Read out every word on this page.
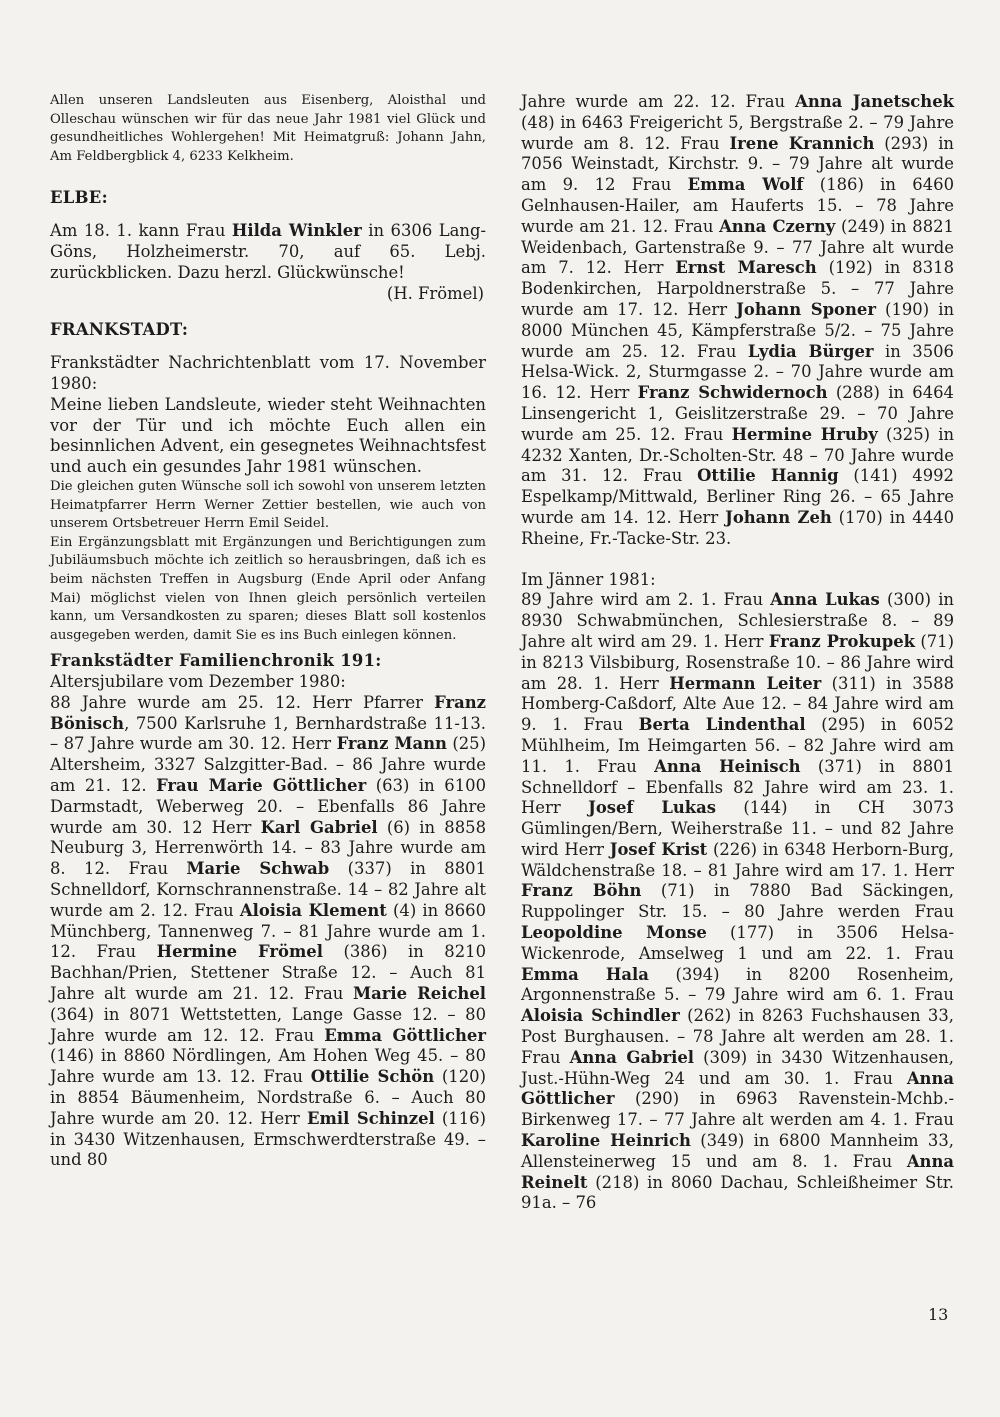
Allen unseren Landsleuten aus Eisenberg, Aloisthal und Olleschau wünschen wir für das neue Jahr 1981 viel Glück und gesundheitliches Wohlergehen! Mit Heimatgruß: Johann Jahn, Am Feldbergblick 4, 6233 Kelkheim.

ELBE:

Am 18. 1. kann Frau Hilda Winkler in 6306 Lang-Göns, Holzheimerstr. 70, auf 65. Lebj. zurückblicken. Dazu herzl. Glückwünsche!

(H. Frömel)

FRANKSTADT:

Frankstädter Nachrichtenblatt vom 17. November 1980:

Meine lieben Landsleute, wieder steht Weihnachten vor der Tür und ich möchte Euch allen ein besinnlichen Advent, ein gesegnetes Weihnachtsfest und auch ein gesundes Jahr 1981 wünschen.

Die gleichen guten Wünsche soll ich sowohl von unserem letzten Heimatpfarrer Herrn Werner Zettier bestellen, wie auch von unserem Ortsbetreuer Herrn Emil Seidel.

Ein Ergänzungsblatt mit Ergänzungen und Berichtigungen zum Jubiläumsbuch möchte ich zeitlich so herausbringen, daß ich es beim nächsten Treffen in Augsburg (Ende April oder Anfang Mai) möglichst vielen von Ihnen gleich persönlich verteilen kann, um Versandkosten zu sparen; dieses Blatt soll kostenlos ausgegeben werden, damit Sie es ins Buch einlegen können.

Frankstädter Familienchronik 191:

Altersjubilare vom Dezember 1980:

88 Jahre wurde am 25. 12. Herr Pfarrer Franz Bönisch, 7500 Karlsruhe 1, Bernhardstraße 11-13. – 87 Jahre wurde am 30. 12. Herr Franz Mann (25) Altersheim, 3327 Salzgitter-Bad. – 86 Jahre wurde am 21. 12. Frau Marie Göttlicher (63) in 6100 Darmstadt, Weberweg 20. – Ebenfalls 86 Jahre wurde am 30. 12 Herr Karl Gabriel (6) in 8858 Neuburg 3, Herrenwörth 14. – 83 Jahre wurde am 8. 12. Frau Marie Schwab (337) in 8801 Schnelldorf, Kornschrannenstraße. 14 – 82 Jahre alt wurde am 2. 12. Frau Aloisia Klement (4) in 8660 Münchberg, Tannenweg 7. – 81 Jahre wurde am 1. 12. Frau Hermine Frömel (386) in 8210 Bachhan/Prien, Stettener Straße 12. – Auch 81 Jahre alt wurde am 21. 12. Frau Marie Reichel (364) in 8071 Wettstetten, Lange Gasse 12. – 80 Jahre wurde am 12. 12. Frau Emma Göttlicher (146) in 8860 Nördlingen, Am Hohen Weg 45. – 80 Jahre wurde am 13. 12. Frau Ottilie Schön (120) in 8854 Bäumenheim, Nordstraße 6. – Auch 80 Jahre wurde am 20. 12. Herr Emil Schinzel (116) in 3430 Witzenhausen, Ermschwerdterstraße 49. – und 80

Jahre wurde am 22. 12. Frau Anna Janetschek (48) in 6463 Freigericht 5, Bergstraße 2. – 79 Jahre wurde am 8. 12. Frau Irene Krannich (293) in 7056 Weinstadt, Kirchstr. 9. – 79 Jahre alt wurde am 9. 12 Frau Emma Wolf (186) in 6460 Gelnhausen-Hailer, am Hauferts 15. – 78 Jahre wurde am 21. 12. Frau Anna Czerny (249) in 8821 Weidenbach, Gartenstraße 9. – 77 Jahre alt wurde am 7. 12. Herr Ernst Maresch (192) in 8318 Bodenkirchen, Harpoldnerstraße 5. – 77 Jahre wurde am 17. 12. Herr Johann Sponer (190) in 8000 München 45, Kämpferstraße 5/2. – 75 Jahre wurde am 25. 12. Frau Lydia Bürger in 3506 Helsa-Wick. 2, Sturmgasse 2. – 70 Jahre wurde am 16. 12. Herr Franz Schwidernoch (288) in 6464 Linsengericht 1, Geislitzerstraße 29. – 70 Jahre wurde am 25. 12. Frau Hermine Hruby (325) in 4232 Xanten, Dr.-Scholten-Str. 48 – 70 Jahre wurde am 31. 12. Frau Ottilie Hannig (141) 4992 Espelkamp/Mittwald, Berliner Ring 26. – 65 Jahre wurde am 14. 12. Herr Johann Zeh (170) in 4440 Rheine, Fr.-Tacke-Str. 23.

Im Jänner 1981:

89 Jahre wird am 2. 1. Frau Anna Lukas (300) in 8930 Schwabmünchen, Schlesierstraße 8. – 89 Jahre alt wird am 29. 1. Herr Franz Prokupek (71) in 8213 Vilsbiburg, Rosenstraße 10. – 86 Jahre wird am 28. 1. Herr Hermann Leiter (311) in 3588 Homberg-Caßdorf, Alte Aue 12. – 84 Jahre wird am 9. 1. Frau Berta Lindenthal (295) in 6052 Mühlheim, Im Heimgarten 56. – 82 Jahre wird am 11. 1. Frau Anna Heinisch (371) in 8801 Schnelldorf – Ebenfalls 82 Jahre wird am 23. 1. Herr Josef Lukas (144) in CH 3073 Gümlingen/Bern, Weiherstraße 11. – und 82 Jahre wird Herr Josef Krist (226) in 6348 Herborn-Burg, Wäldchenstraße 18. – 81 Jahre wird am 17. 1. Herr Franz Böhn (71) in 7880 Bad Säckingen, Ruppolinger Str. 15. – 80 Jahre werden Frau Leopoldine Monse (177) in 3506 Helsa-Wickenrode, Amselweg 1 und am 22. 1. Frau Emma Hala (394) in 8200 Rosenheim, Argonnenstraße 5. – 79 Jahre wird am 6. 1. Frau Aloisia Schindler (262) in 8263 Fuchshausen 33, Post Burghausen. – 78 Jahre alt werden am 28. 1. Frau Anna Gabriel (309) in 3430 Witzenhausen, Just.-Hühn-Weg 24 und am 30. 1. Frau Anna Göttlicher (290) in 6963 Ravenstein-Mchb.-Birkenweg 17. – 77 Jahre alt werden am 4. 1. Frau Karoline Heinrich (349) in 6800 Mannheim 33, Allensteinerweg 15 und am 8. 1. Frau Anna Reinelt (218) in 8060 Dachau, Schleißheimer Str. 91a. – 76

13
